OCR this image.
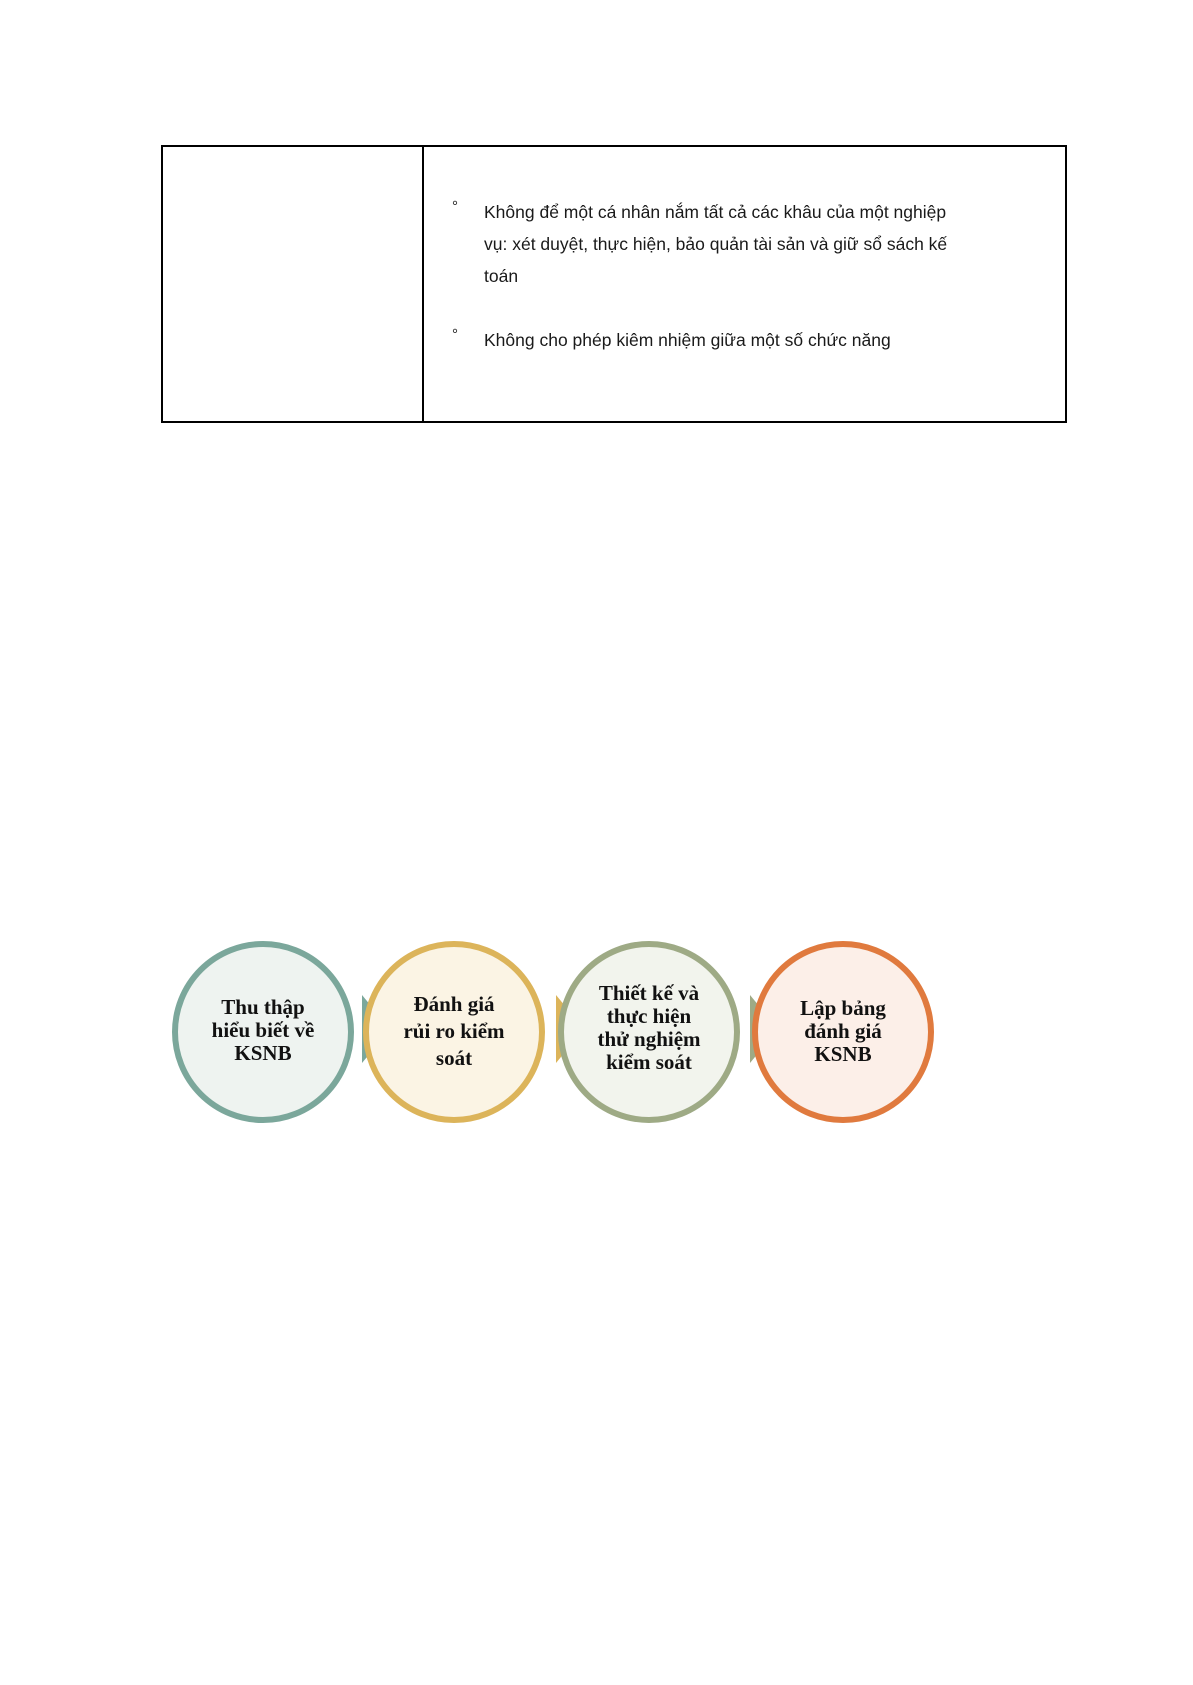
° Không để một cá nhân nắm tất cả các khâu của một nghiệp vụ: xét duyệt, thực hiện, bảo quản tài sản và giữ sổ sách kế toán
° Không cho phép kiêm nhiệm giữa một số chức năng
Thu thập
hiểu biết về
KSNB
Đánh giá
rủi ro kiểm
soát
Thiết kế và
thực hiện
thử nghiệm
kiểm soát
Lập bảng
đánh giá
KSNB
